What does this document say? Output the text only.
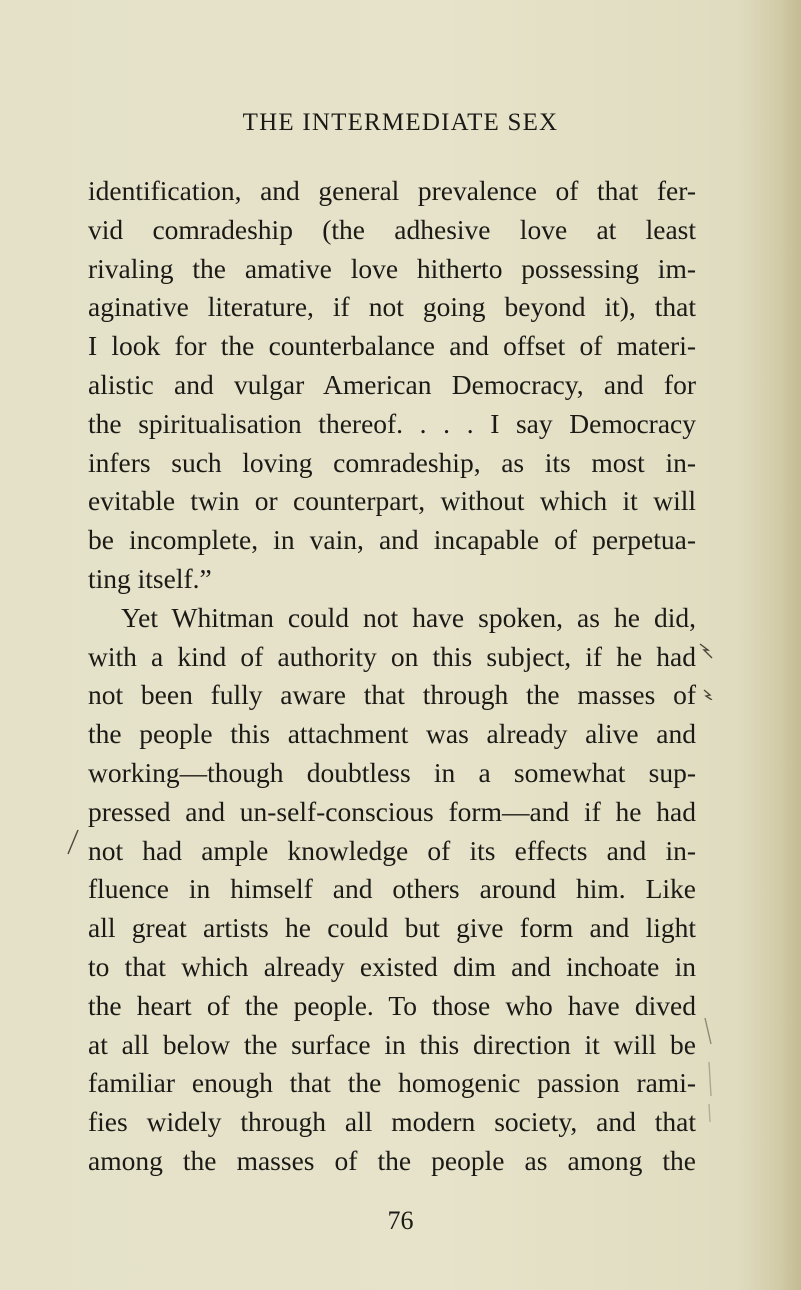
THE INTERMEDIATE SEX
identification, and general prevalence of that fer-
vid comradeship (the adhesive love at least
rivaling the amative love hitherto possessing im-
aginative literature, if not going beyond it), that
I look for the counterbalance and offset of materi-
alistic and vulgar American Democracy, and for
the spiritualisation thereof. . . . I say Democracy
infers such loving comradeship, as its most in-
evitable twin or counterpart, without which it will
be incomplete, in vain, and incapable of perpetua-
ting itself.”
Yet Whitman could not have spoken, as he did,
with a kind of authority on this subject, if he had
not been fully aware that through the masses of
the people this attachment was already alive and
working—though doubtless in a somewhat sup-
pressed and un-self-conscious form—and if he had
not had ample knowledge of its effects and in-
fluence in himself and others around him. Like
all great artists he could but give form and light
to that which already existed dim and inchoate in
the heart of the people. To those who have dived
at all below the surface in this direction it will be
familiar enough that the homogenic passion rami-
fies widely through all modern society, and that
among the masses of the people as among the
76
